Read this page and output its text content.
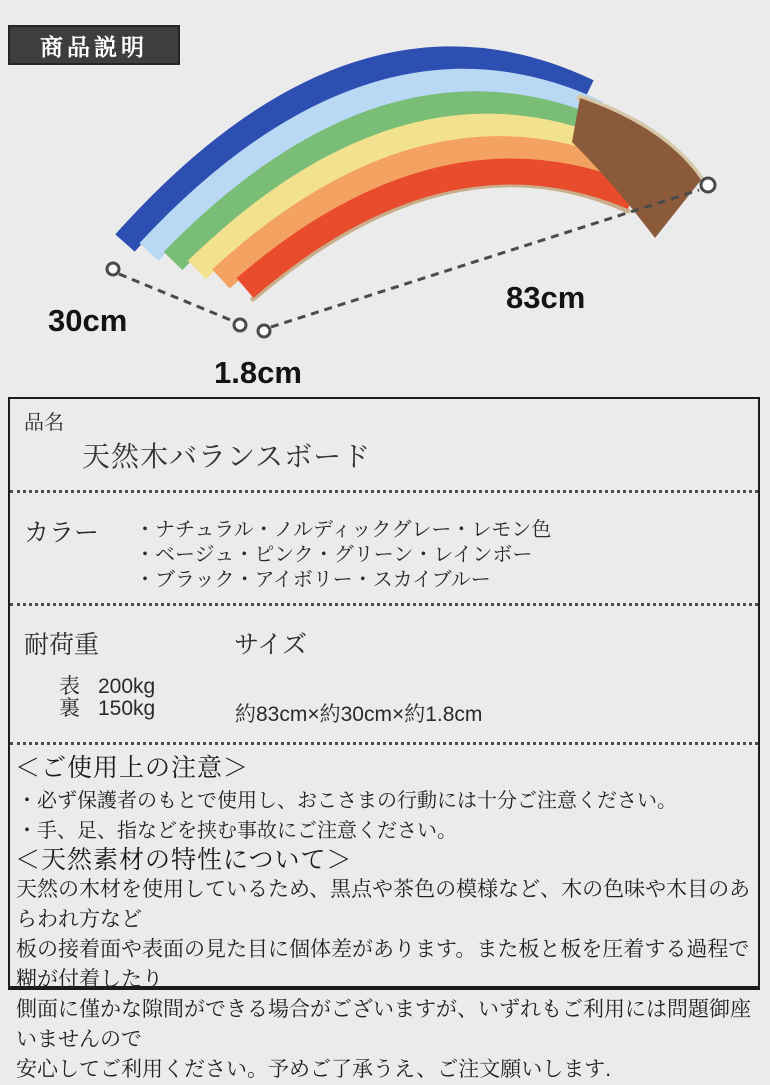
商品説明
30cm
83cm
1.8cm
品名
天然木バランスボード
カラー ・ナチュラル・ノルディックグレー・レモン色
・ベージュ・ピンク・グリーン・レインボー
・ブラック・アイボリー・スカイブルー
耐荷重	サイズ
表 200kg
裏 150kg	約83cm×約30cm×約1.8cm
＜ご使用上の注意＞
・必ず保護者のもとで使用し、おこさまの行動には十分ご注意ください。
・手、足、指などを挟む事故にご注意ください。
＜天然素材の特性について＞
天然の木材を使用しているため、黒点や茶色の模様など、木の色味や木目のあらわれ方など
板の接着面や表面の見た目に個体差があります。また板と板を圧着する過程で糊が付着したり
側面に僅かな隙間ができる場合がございますが、いずれもご利用には問題御座いませんので
安心してご利用ください。予めご了承うえ、ご注文願いします.
